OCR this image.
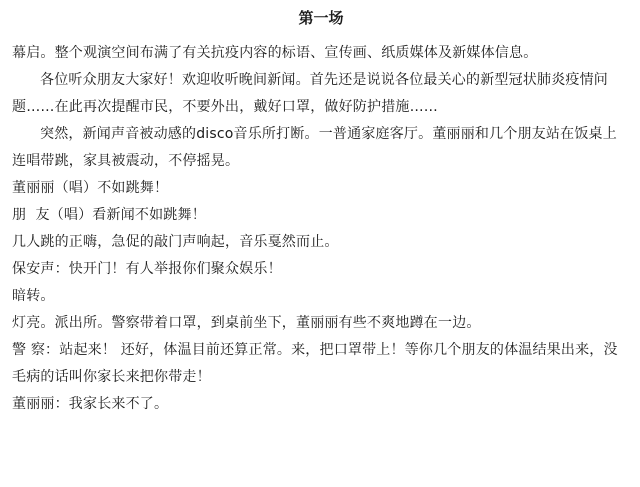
第一场

幕启。整个观演空间布满了有关抗疫内容的标语、宣传画、纸质媒体及新媒体信息。

各位听众朋友大家好！欢迎收听晚间新闻。首先还是说说各位最关心的新型冠状肺炎疫情问题……在此再次提醒市民，不要外出，戴好口罩，做好防护措施……

突然，新闻声音被动感的disco音乐所打断。一普通家庭客厅。董丽丽和几个朋友站在饭桌上连唱带跳，家具被震动，不停摇晃。

董丽丽（唱）不如跳舞！

朋  友（唱）看新闻不如跳舞！

几人跳的正嗨，急促的敲门声响起，音乐戛然而止。

保安声：快开门！有人举报你们聚众娱乐！

暗转。

灯亮。派出所。警察带着口罩，到桌前坐下，董丽丽有些不爽地蹲在一边。

警 察：站起来！ 还好，体温目前还算正常。来，把口罩带上！等你几个朋友的体温结果出来，没毛病的话叫你家长来把你带走！

董丽丽：我家长来不了。
